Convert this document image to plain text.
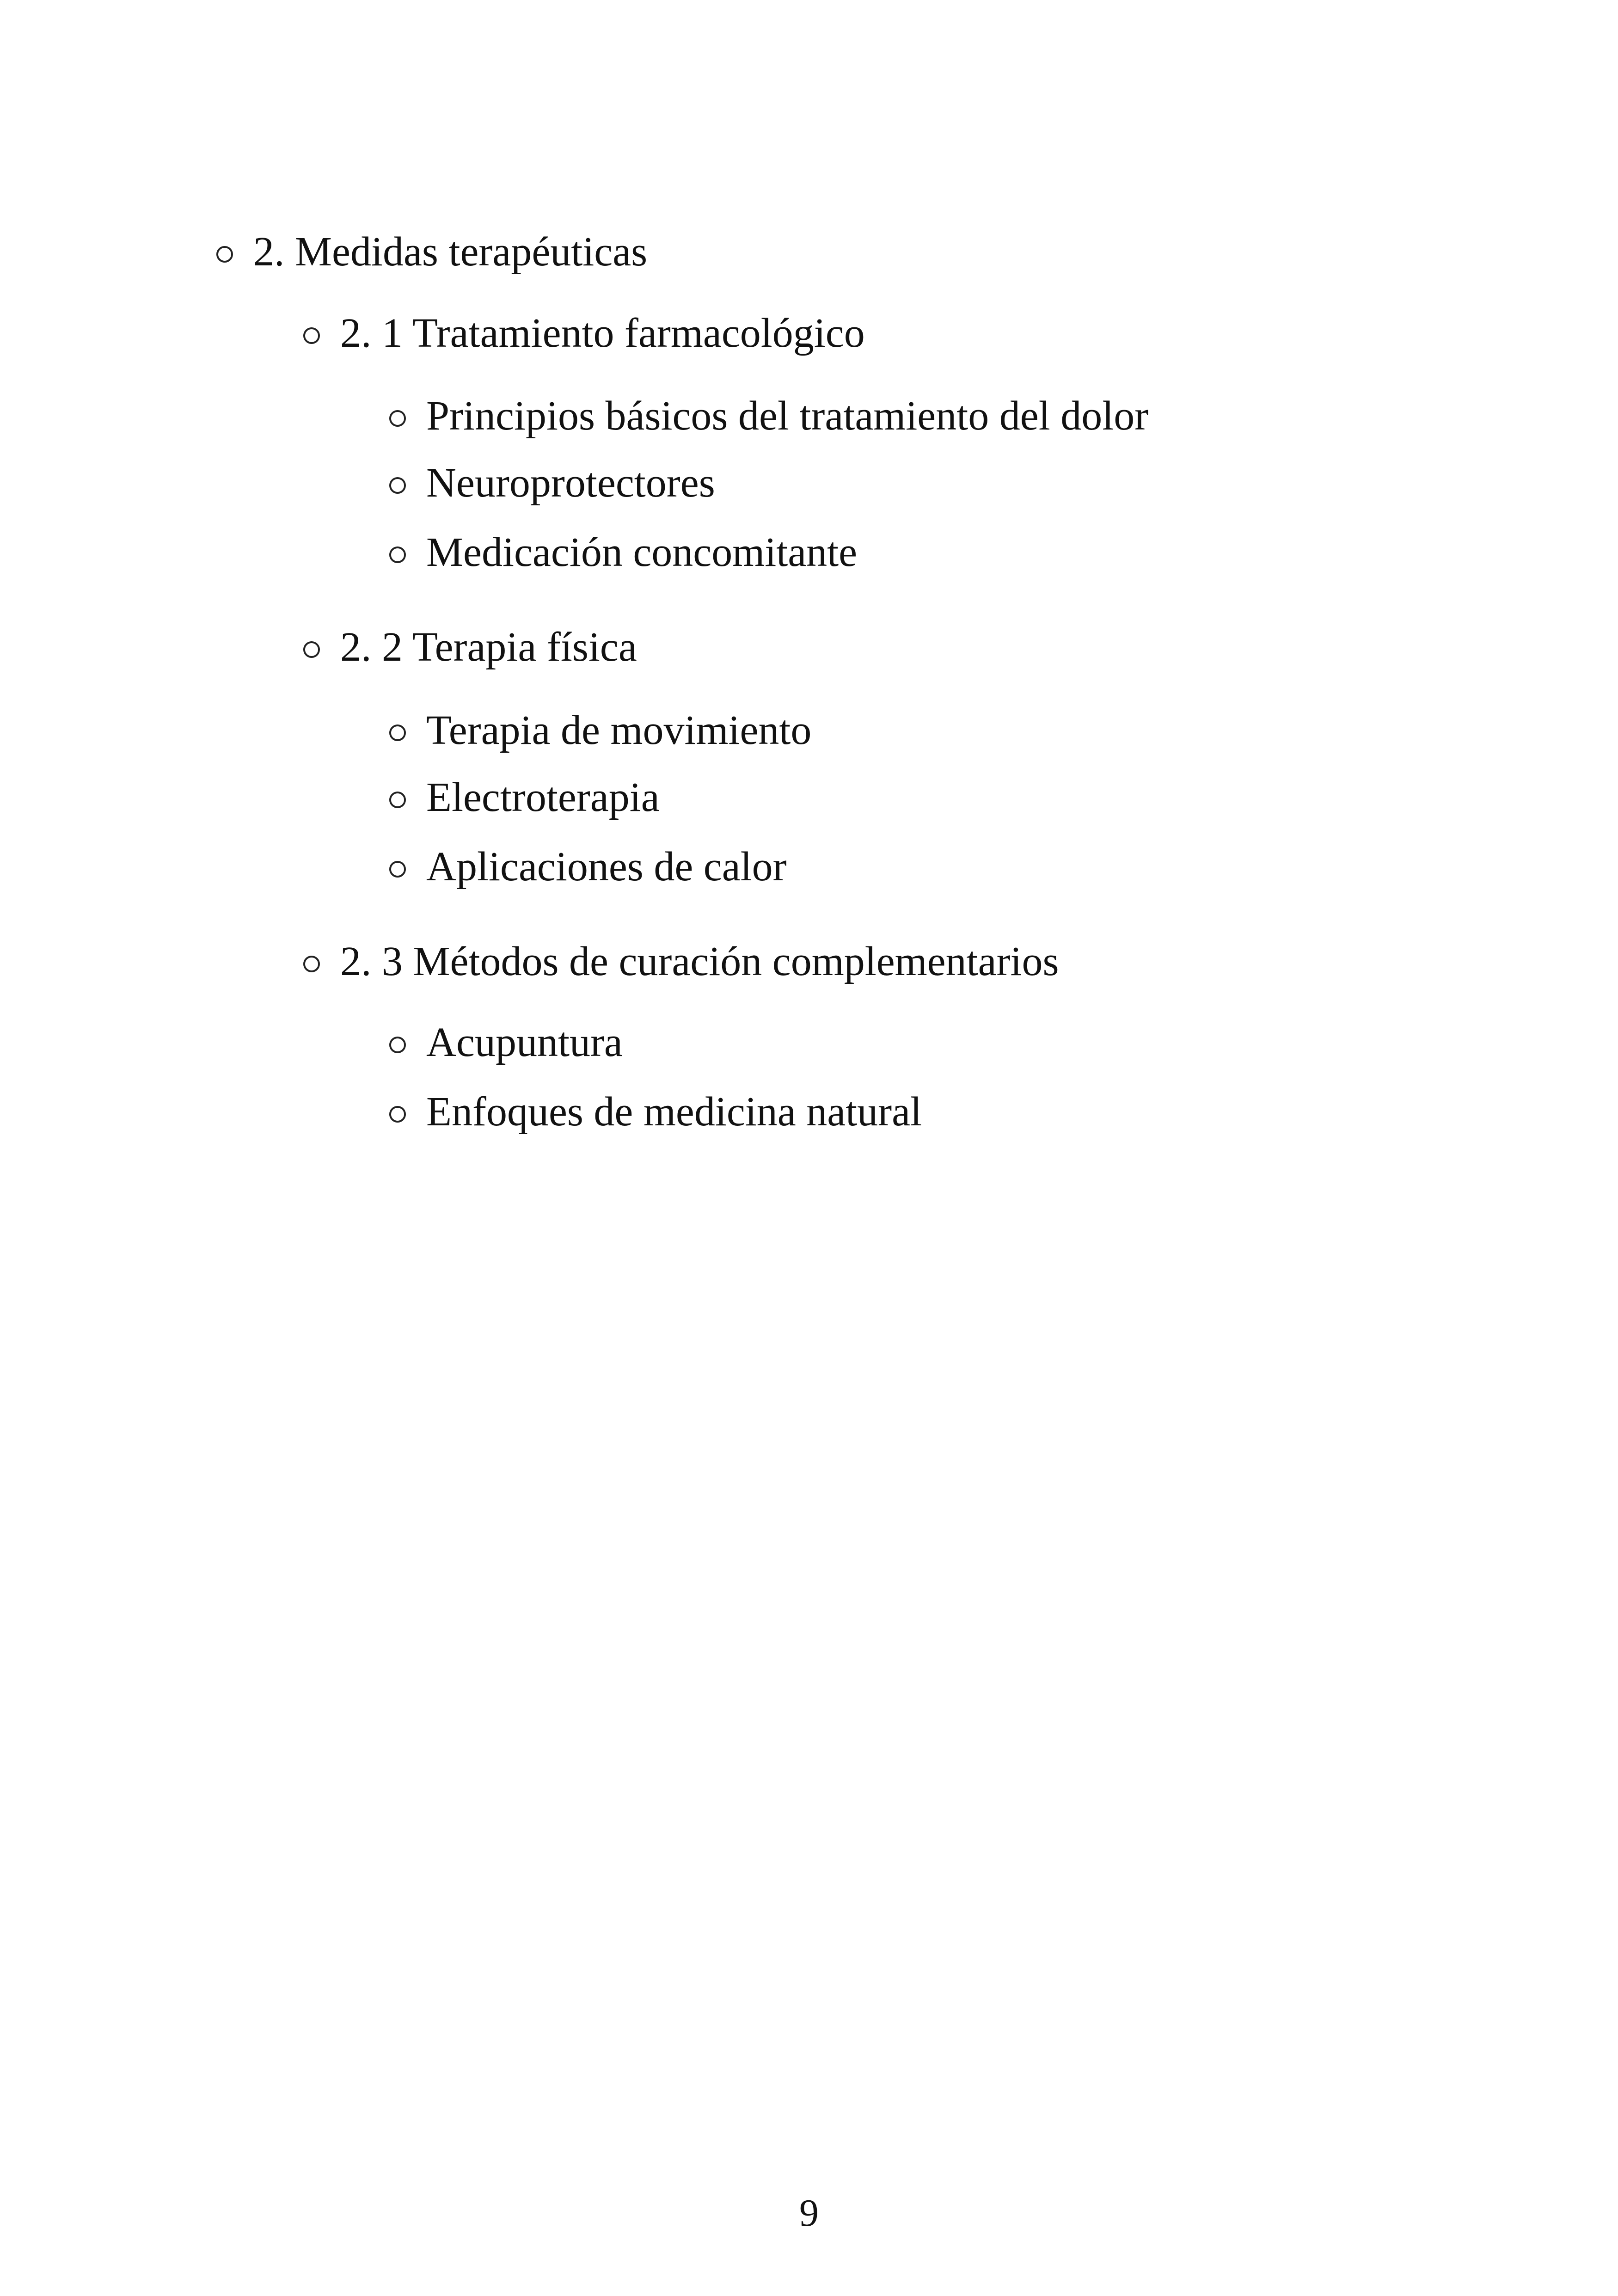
2. Medidas terapéuticas
2. 1 Tratamiento farmacológico
Principios básicos del tratamiento del dolor
Neuroprotectores
Medicación concomitante
2. 2 Terapia física
Terapia de movimiento
Electroterapia
Aplicaciones de calor
2. 3 Métodos de curación complementarios
Acupuntura
Enfoques de medicina natural
9
